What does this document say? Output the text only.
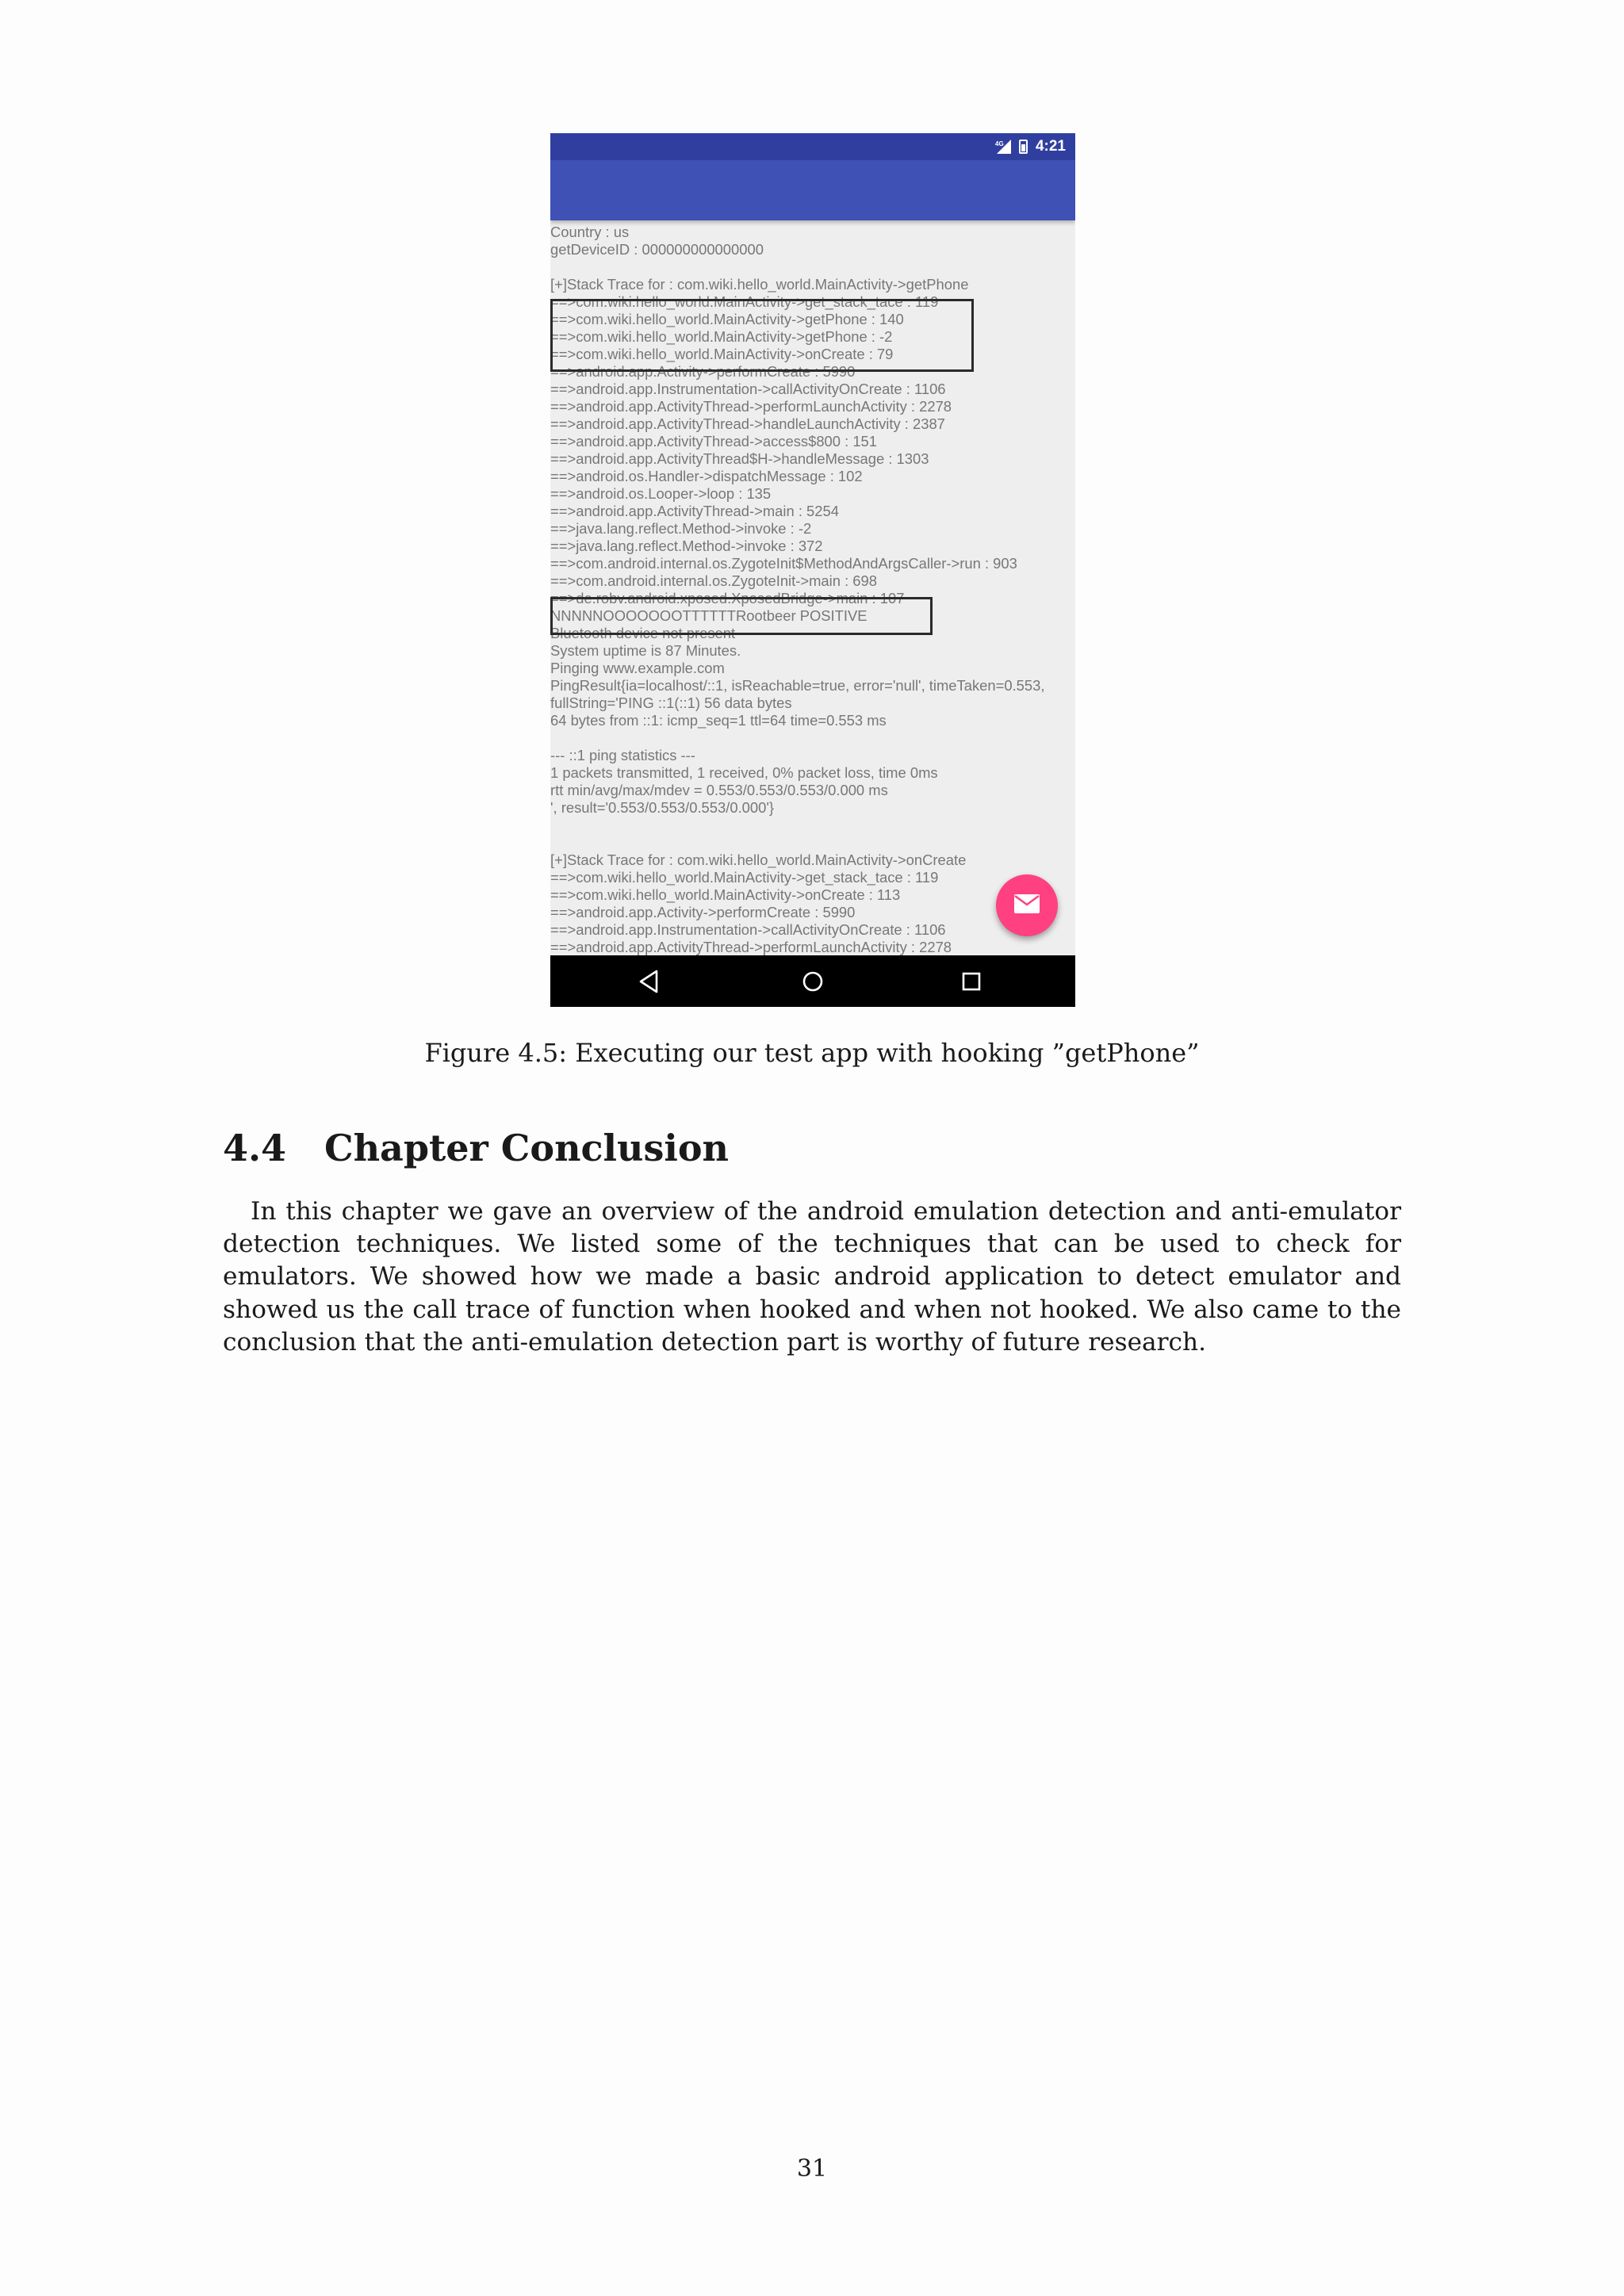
4G 4:21
Country : us
getDeviceID : 000000000000000
[+]Stack Trace for : com.wiki.hello_world.MainActivity->getPhone
==>com.wiki.hello_world.MainActivity->get_stack_tace : 119
==>com.wiki.hello_world.MainActivity->getPhone : 140
==>com.wiki.hello_world.MainActivity->getPhone : -2
==>com.wiki.hello_world.MainActivity->onCreate : 79
==>android.app.Activity->performCreate : 5990
==>android.app.Instrumentation->callActivityOnCreate : 1106
==>android.app.ActivityThread->performLaunchActivity : 2278
==>android.app.ActivityThread->handleLaunchActivity : 2387
==>android.app.ActivityThread->access$800 : 151
==>android.app.ActivityThread$H->handleMessage : 1303
==>android.os.Handler->dispatchMessage : 102
==>android.os.Looper->loop : 135
==>android.app.ActivityThread->main : 5254
==>java.lang.reflect.Method->invoke : -2
==>java.lang.reflect.Method->invoke : 372
==>com.android.internal.os.ZygoteInit$MethodAndArgsCaller->run : 903
==>com.android.internal.os.ZygoteInit->main : 698
==>de.robv.android.xposed.XposedBridge->main : 107
NNNNNOOOOOOOTTTTTTRootbeer POSITIVE
Bluetooth device not present
System uptime is 87 Minutes.
Pinging www.example.com
PingResult{ia=localhost/::1, isReachable=true, error='null', timeTaken=0.553,
fullString='PING ::1(::1) 56 data bytes
64 bytes from ::1: icmp_seq=1 ttl=64 time=0.553 ms
--- ::1 ping statistics ---
1 packets transmitted, 1 received, 0% packet loss, time 0ms
rtt min/avg/max/mdev = 0.553/0.553/0.553/0.000 ms
', result='0.553/0.553/0.553/0.000'}
[+]Stack Trace for : com.wiki.hello_world.MainActivity->onCreate
==>com.wiki.hello_world.MainActivity->get_stack_tace : 119
==>com.wiki.hello_world.MainActivity->onCreate : 113
==>android.app.Activity->performCreate : 5990
==>android.app.Instrumentation->callActivityOnCreate : 1106
==>android.app.ActivityThread->performLaunchActivity : 2278
Figure 4.5: Executing our test app with hooking ”getPhone”
4.4 Chapter Conclusion

In this chapter we gave an overview of the android emulation detection and anti-emulator detection techniques. We listed some of the techniques that can be used to check for emulators. We showed how we made a basic android application to detect emulator and showed us the call trace of function when hooked and when not hooked. We also came to the conclusion that the anti-emulation detection part is worthy of future research.

31
